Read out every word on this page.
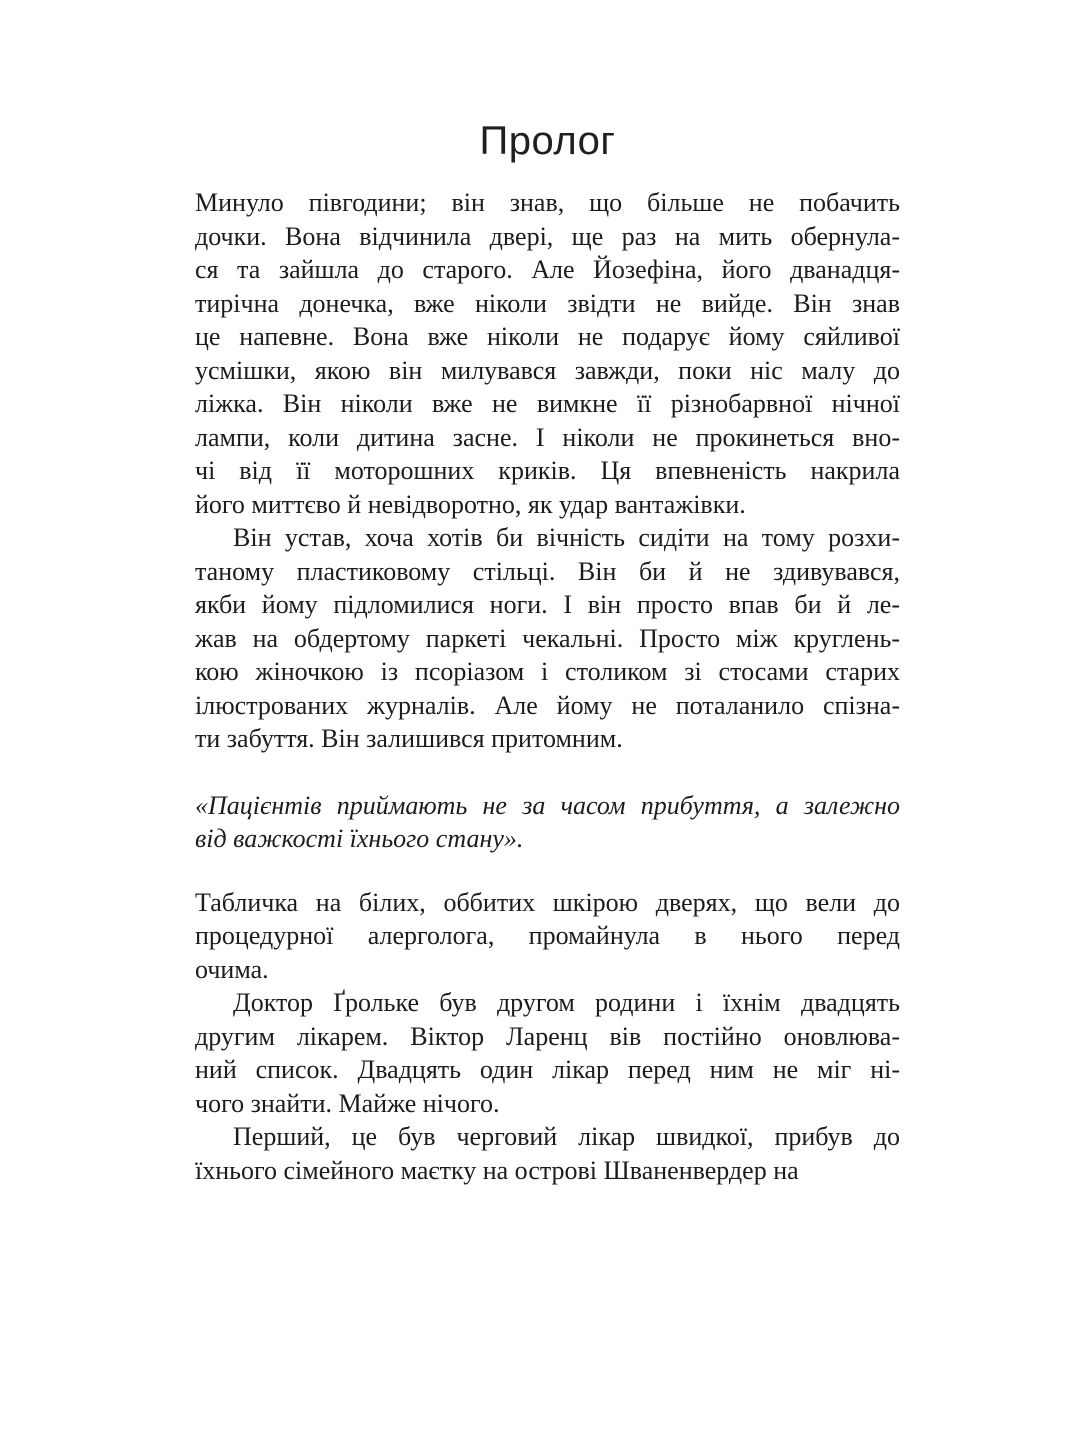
Пролог
Минуло півгодини; він знав, що більше не побачить
дочки. Вона відчинила двері, ще раз на мить обернула-
ся та зайшла до старого. Але Йозефіна, його дванадця-
тирічна донечка, вже ніколи звідти не вийде. Він знав
це напевне. Вона вже ніколи не подарує йому сяйливої
усмішки, якою він милувався завжди, поки ніс малу до
ліжка. Він ніколи вже не вимкне її різнобарвної нічної
лампи, коли дитина засне. І ніколи не прокинеться вно-
чі від її моторошних криків. Ця впевненість накрила
його миттєво й невідворотно, як удар вантажівки.
Він устав, хоча хотів би вічність сидіти на тому розхи-
таному пластиковому стільці. Він би й не здивувався,
якби йому підломилися ноги. І він просто впав би й ле-
жав на обдертому паркеті чекальні. Просто між круглень-
кою жіночкою із псоріазом і столиком зі стосами старих
ілюстрованих журналів. Але йому не поталанило спізна-
ти забуття. Він залишився притомним.
«Пацієнтів приймають не за часом прибуття, а залежно
від важкості їхнього стану».
Табличка на білих, оббитих шкірою дверях, що вели до
процедурної алерголога, промайнула в нього перед
очима.
Доктор Ґрольке був другом родини і їхнім двадцять
другим лікарем. Віктор Ларенц вів постійно оновлюва-
ний список. Двадцять один лікар перед ним не міг ні-
чого знайти. Майже нічого.
Перший, це був черговий лікар швидкої, прибув до
їхнього сімейного маєтку на острові Шваненвердер на
